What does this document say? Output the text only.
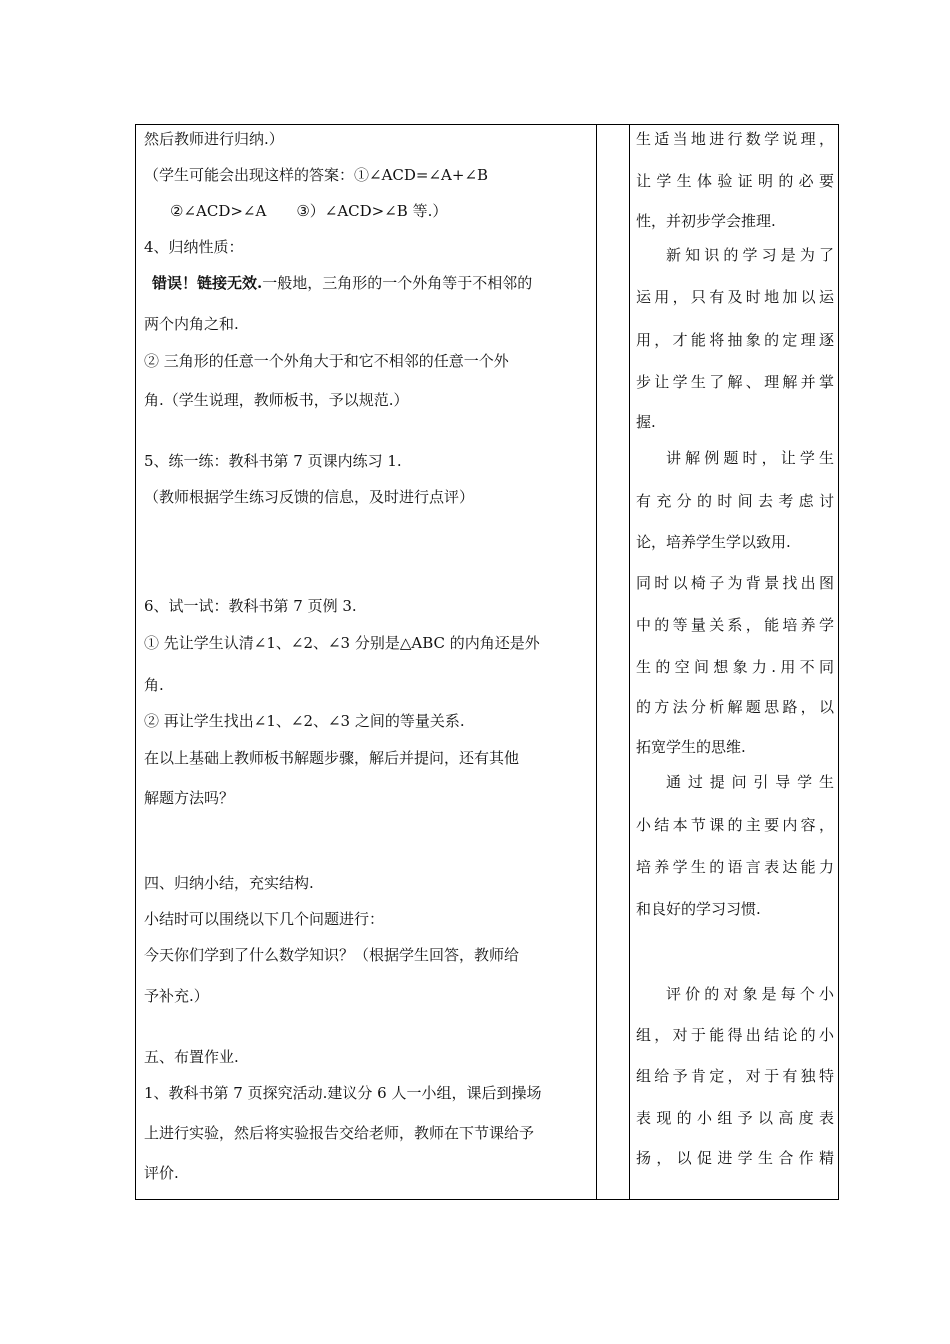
然后教师进行归纳.）
（学生可能会出现这样的答案：①∠ACD=∠A+∠B
②∠ACD>∠A　　③）∠ACD>∠B 等.）
4、归纳性质：
错误！链接无效.一般地，三角形的一个外角等于不相邻的
两个内角之和.
② 三角形的任意一个外角大于和它不相邻的任意一个外
角.（学生说理，教师板书，予以规范.）
5、练一练：教科书第 7 页课内练习 1.
（教师根据学生练习反馈的信息，及时进行点评）
6、试一试：教科书第 7 页例 3.
① 先让学生认清∠1、∠2、∠3 分别是△ABC 的内角还是外
角.
② 再让学生找出∠1、∠2、∠3 之间的等量关系.
在以上基础上教师板书解题步骤，解后并提问，还有其他
解题方法吗？
四、归纳小结，充实结构.
小结时可以围绕以下几个问题进行：
今天你们学到了什么数学知识？（根据学生回答，教师给
予补充.）
五、布置作业.
1、教科书第 7 页探究活动.建议分 6 人一小组，课后到操场
上进行实验，然后将实验报告交给老师，教师在下节课给予
评价.
生适当地进行数学说理，
让学生体验证明的必要
性，并初步学会推理.
新知识的学习是为了
运用，只有及时地加以运
用，才能将抽象的定理逐
步让学生了解、理解并掌
握.
讲解例题时，让学生
有充分的时间去考虑讨
论，培养学生学以致用.
同时以椅子为背景找出图
中的等量关系，能培养学
生的空间想象力.用不同
的方法分析解题思路，以
拓宽学生的思维.
通过提问引导学生
小结本节课的主要内容，
培养学生的语言表达能力
和良好的学习习惯.
评价的对象是每个小
组，对于能得出结论的小
组给予肯定，对于有独特
表现的小组予以高度表
扬，以促进学生合作精
